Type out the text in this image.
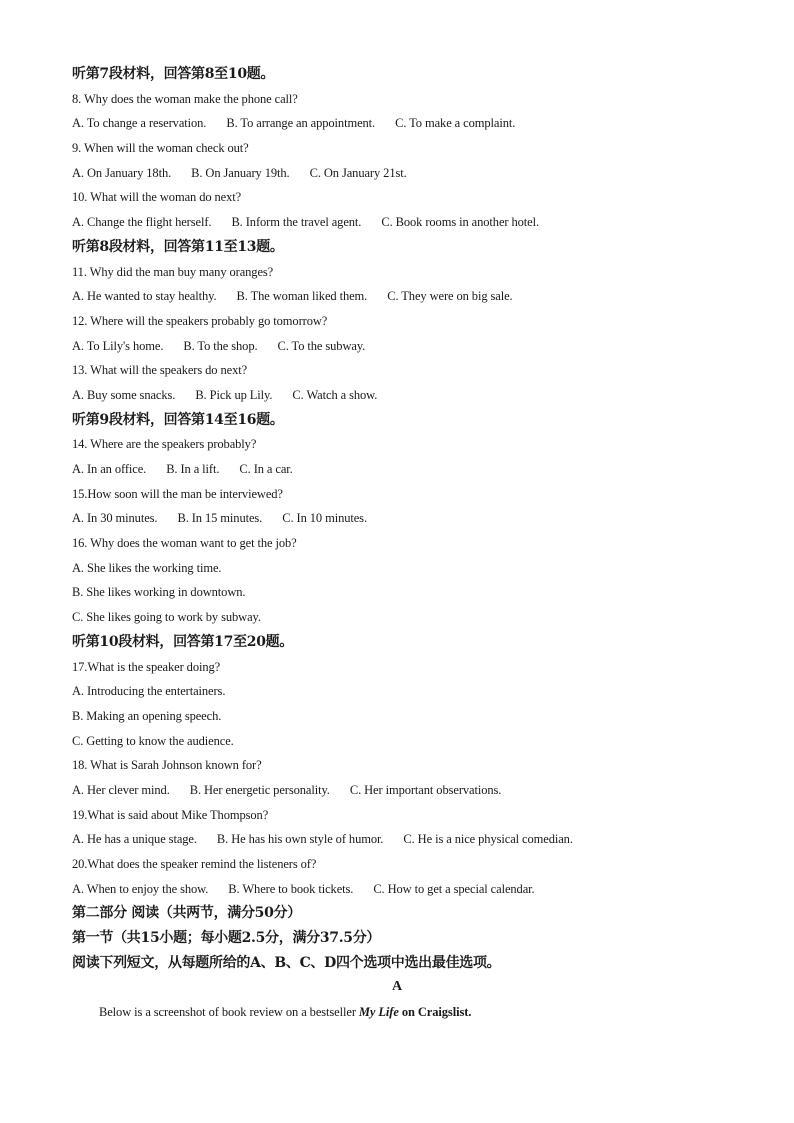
听第7段材料，回答第8至10题。
8. Why does the woman make the phone call?
A. To change a reservation. B. To arrange an appointment. C. To make a complaint.
9. When will the woman check out?
A. On January 18th. B. On January 19th. C. On January 21st.
10. What will the woman do next?
A. Change the flight herself. B. Inform the travel agent. C. Book rooms in another hotel.
听第8段材料，回答第11至13题。
11. Why did the man buy many oranges?
A. He wanted to stay healthy. B. The woman liked them. C. They were on big sale.
12. Where will the speakers probably go tomorrow?
A. To Lily's home. B. To the shop. C. To the subway.
13. What will the speakers do next?
A. Buy some snacks. B. Pick up Lily. C. Watch a show.
听第9段材料，回答第14至16题。
14. Where are the speakers probably?
A. In an office. B. In a lift. C. In a car.
15.How soon will the man be interviewed?
A. In 30 minutes. B. In 15 minutes. C. In 10 minutes.
16. Why does the woman want to get the job?
A. She likes the working time.
B. She likes working in downtown.
C. She likes going to work by subway.
听第10段材料，回答第17至20题。
17.What is the speaker doing?
A. Introducing the entertainers.
B. Making an opening speech.
C. Getting to know the audience.
18. What is Sarah Johnson known for?
A. Her clever mind. B. Her energetic personality. C. Her important observations.
19.What is said about Mike Thompson?
A. He has a unique stage. B. He has his own style of humor. C. He is a nice physical comedian.
20.What does the speaker remind the listeners of?
A. When to enjoy the show. B. Where to book tickets. C. How to get a special calendar.
第二部分 阅读（共两节，满分50分）
第一节（共15小题；每小题2.5分，满分37.5分）
阅读下列短文，从每题所给的A、B、C、D四个选项中选出最佳选项。
A
Below is a screenshot of book review on a bestseller My Life on Craigslist.
